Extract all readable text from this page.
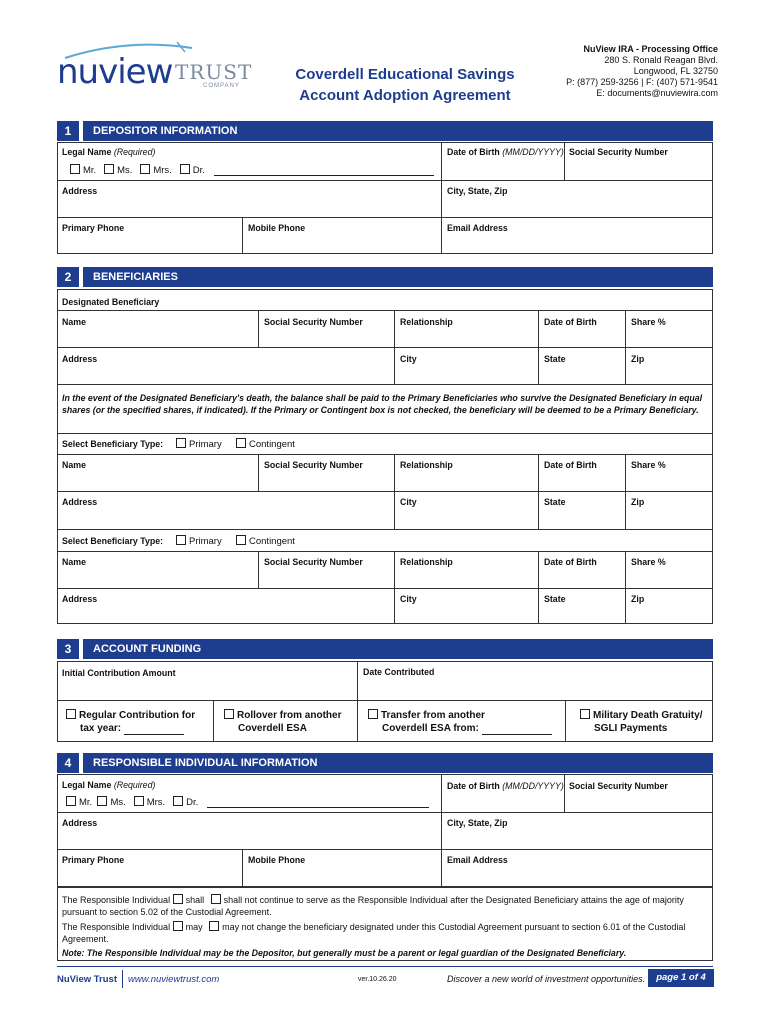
nuview TRUST
COMPANY
Coverdell Educational Savings
Account Adoption Agreement
NuView IRA - Processing Office
280 S. Ronald Reagan Blvd.
Longwood, FL 32750
P: (877) 259-3256 | F: (407) 571-9541
E: documents@nuviewira.com
1	DEPOSITOR INFORMATION
Legal Name (Required)	Date of Birth (MM/DD/YYYY) Social Security Number
Mr. Ms. Mrs. Dr.
Address	City, State, Zip
Primary Phone	Mobile Phone	Email Address
2	BENEFICIARIES
Designated Beneficiary
Name	Social Security Number	Relationship	Date of Birth	Share %
Address	City	State	Zip
In the event of the Designated Beneficiary's death, the balance shall be paid to the Primary Beneficiaries who survive the Designated Beneficiary in equal shares (or the specified shares, if indicated). If the Primary or Contingent box is not checked, the beneficiary will be deemed to be a Primary Beneficiary.
Select Beneficiary Type:	Primary	Contingent
Name	Social Security Number	Relationship	Date of Birth	Share %
Address	City	State	Zip
Select Beneficiary Type:	Primary	Contingent
Name	Social Security Number	Relationship	Date of Birth	Share %
Address	City	State	Zip
3	ACCOUNT FUNDING
Initial Contribution Amount	Date Contributed
Regular Contribution for
tax year:
Rollover from another
Coverdell ESA
Transfer from another
Coverdell ESA from:
Military Death Gratuity/
SGLI Payments
4	RESPONSIBLE INDIVIDUAL INFORMATION
Legal Name (Required)	Date of Birth (MM/DD/YYYY) Social Security Number
Mr. Ms. Mrs. Dr.
Address	City, State, Zip
Primary Phone	Mobile Phone	Email Address
The Responsible Individual shall shall not continue to serve as the Responsible Individual after the Designated Beneficiary attains the age of majority pursuant to section 5.02 of the Custodial Agreement.
The Responsible Individual may may not change the beneficiary designated under this Custodial Agreement pursuant to section 6.01 of the Custodial Agreement.
Note: The Responsible Individual may be the Depositor, but generally must be a parent or legal guardian of the Designated Beneficiary.
NuView Trust www.nuviewtrust.com	ver.10.26.20	Discover a new world of investment opportunities.	page 1 of 4
